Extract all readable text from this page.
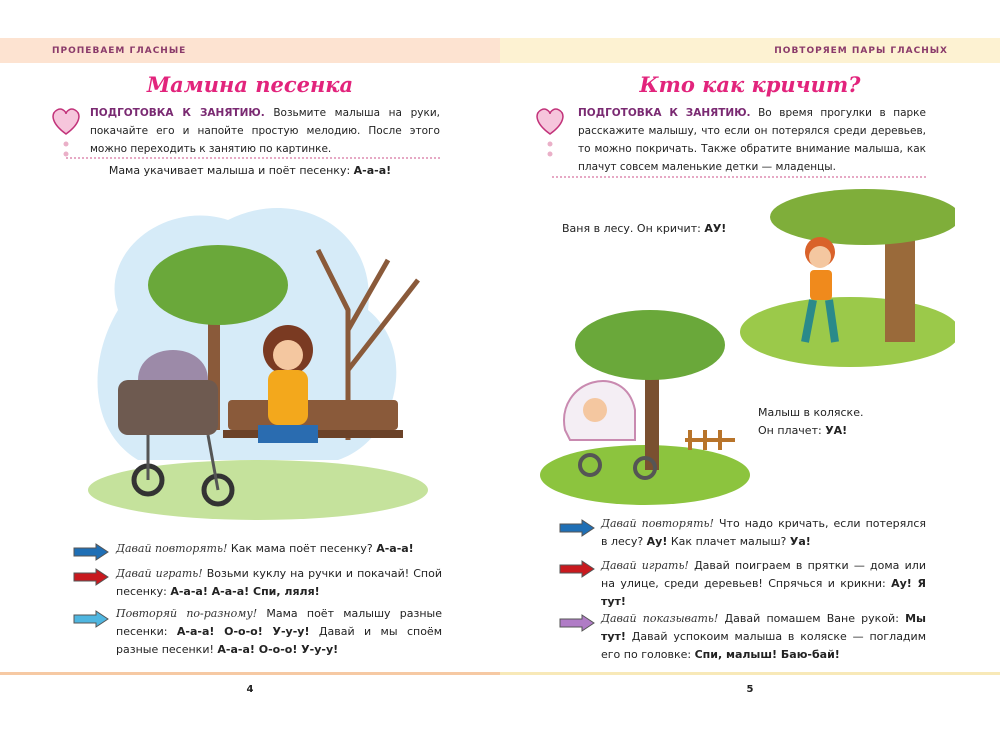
ПРОПЕВАЕМ ГЛАСНЫЕ
Мамина песенка
ПОДГОТОВКА К ЗАНЯТИЮ. Возьмите малыша на руки, покачайте его и напойте простую мелодию. После этого можно переходить к занятию по картинке.
Мама укачивает малыша и поёт песенку: А-а-а!
Давай повторять! Как мама поёт песенку? А-а-а!
Давай играть! Возьми куклу на ручки и покачай! Спой песенку: А-а-а! А-а-а! Спи, ляля!
Повторяй по-разному! Мама поёт малышу разные песенки: А-а-а! О-о-о! У-у-у! Давай и мы споём разные песенки! А-а-а! О-о-о! У-у-у!
4
ПОВТОРЯЕМ ПАРЫ ГЛАСНЫХ
Кто как кричит?
ПОДГОТОВКА К ЗАНЯТИЮ. Во время прогулки в парке расскажите малышу, что если он потерялся среди деревьев, то можно покричать. Также обратите внимание малыша, как плачут совсем маленькие детки — младенцы.
Ваня в лесу. Он кричит: АУ!
Малыш в коляске. Он плачет: УА!
Давай повторять! Что надо кричать, если потерялся в лесу? Ау! Как плачет малыш? Уа!
Давай играть! Давай поиграем в прятки — дома или на улице, среди деревьев! Спрячься и крикни: Ау! Я тут!
Давай показывать! Давай помашем Ване рукой: Мы тут! Давай успокоим малыша в коляске — погладим его по головке: Спи, малыш! Баю-бай!
5
